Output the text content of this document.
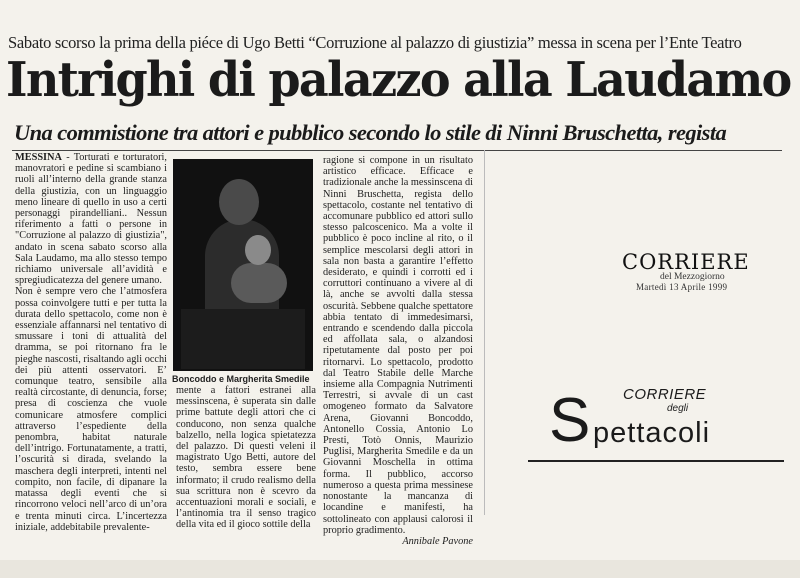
Sabato scorso la prima della piéce di Ugo Betti “Corruzione al palazzo di giustizia” messa in scena per l’Ente Teatro
Intrighi di palazzo alla Laudamo
Una commistione tra attori e pubblico secondo lo stile di Ninni Bruschetta, regista

MESSINA - Torturati e torturatori, manovratori e pedine si scambiano i ruoli all’interno della grande stanza della giustizia, con un linguaggio meno lineare di quello in uso a certi personaggi pirandelliani.. Nessun riferimento a fatti o persone in "Corruzione al palazzo di giustizia", andato in scena sabato scorso alla Sala Laudamo, ma allo stesso tempo richiamo universale all’avidità e spregiudicatezza del genere umano.

Non è sempre vero che l’atmosfera possa coinvolgere tutti e per tutta la durata dello spettacolo, come non è essenziale affannarsi nel tentativo di smussare i toni di attualità del dramma, se poi ritornano fra le pieghe nascosti, risaltando agli occhi dei più attenti osservatori. E’ comunque teatro, sensibile alla realtà circostante, di denuncia, forse; presa di coscienza che vuole comunicare atmosfere complici attraverso l’espediente della penombra, habitat naturale dell’intrigo. Fortunatamente, a tratti, l’oscurità si dirada, svelando la maschera degli interpreti, intenti nel compito, non facile, di dipanare la matassa degli eventi che si rincorrono veloci nell’arco di un’ora e trenta minuti circa. L’incertezza iniziale, addebitabile prevalente-

Boncoddo e Margherita Smedile

mente a fattori estranei alla messinscena, è superata sin dalle prime battute degli attori che ci conducono, non senza qualche balzello, nella logica spietatezza del palazzo. Di questi veleni il magistrato Ugo Betti, autore del testo, sembra essere bene informato; il crudo realismo della sua scrittura non è scevro da accentuazioni morali e sociali, e l’antinomia tra il senso tragico della vita ed il gioco sottile della

ragione si compone in un risultato artistico efficace. Efficace e tradizionale anche la messinscena di Ninni Bruschetta, regista dello spettacolo, costante nel tentativo di accomunare pubblico ed attori sullo stesso palcoscenico. Ma a volte il pubblico è poco incline al rito, o il semplice mescolarsi degli attori in sala non basta a garantire l’effetto desiderato, e quindi i corrotti ed i corruttori continuano a vivere al di là, anche se avvolti dalla stessa oscurità. Sebbene qualche spettatore abbia tentato di immedesimarsi, entrando e scendendo dalla piccola ed affollata sala, o alzandosi ripetutamente dal posto per poi ritornarvi. Lo spettacolo, prodotto dal Teatro Stabile delle Marche insieme alla Compagnia Nutrimenti Terrestri, si avvale di un cast omogeneo formato da Salvatore Arena, Giovanni Boncoddo, Antonello Cossia, Antonio Lo Presti, Totò Onnis, Maurizio Puglisi, Margherita Smedile e da un Giovanni Moschella in ottima forma. Il pubblico, accorso numeroso a questa prima messinese nonostante la mancanza di locandine e manifesti, ha sottolineato con applausi calorosi il proprio gradimento.

Annibale Pavone

CORRIERE
del Mezzogiorno
Martedì 13 Aprile 1999
S CORRIERE
degli
pettacoli
